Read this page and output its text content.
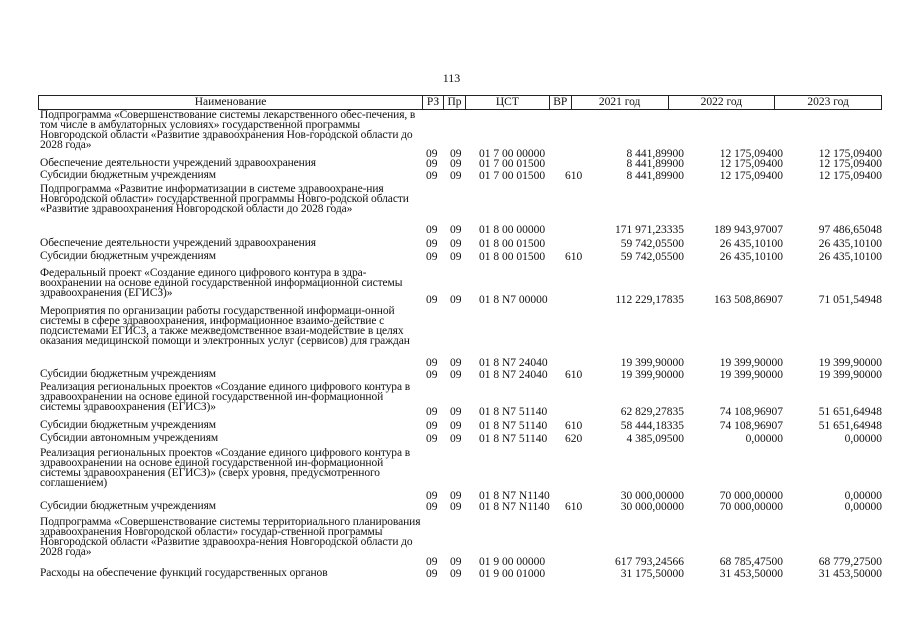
113
Наименование	РЗ Пр	ЦСТ	ВР	2021 год	2022 год	2023 год
Подпрограмма «Совершенствование системы лекарственного обес-печения, в том числе в амбулаторных условиях» государственной программы Новгородской области «Развитие здравоохранения Нов-городской области до 2028 года»
09 09 01 7 00 00000	8 441,89900	12 175,09400	12 175,09400
Обеспечение деятельности учреждений здравоохранения	09 09 01 7 00 01500	8 441,89900	12 175,09400	12 175,09400
Субсидии бюджетным учреждениям	09 09 01 7 00 01500 610	8 441,89900	12 175,09400	12 175,09400
Подпрограмма «Развитие информатизации в системе здравоохране-ния Новгородской области» государственной программы Новго-родской области «Развитие здравоохранения Новгородской области до 2028 года»
09 09 01 8 00 00000	171 971,23335	189 943,97007	97 486,65048
Обеспечение деятельности учреждений здравоохранения	09 09 01 8 00 01500	59 742,05500	26 435,10100	26 435,10100
Субсидии бюджетным учреждениям	09 09 01 8 00 01500 610	59 742,05500	26 435,10100	26 435,10100
Федеральный проект «Создание единого цифрового контура в здра-воохранении на основе единой государственной информационной системы здравоохранения (ЕГИСЗ)»
09 09 01 8 N7 00000	112 229,17835	163 508,86907	71 051,54948
Мероприятия по организации работы государственной информаци-онной системы в сфере здравоохранения, информационное взаимо-действие с подсистемами ЕГИСЗ, а также межведомственное взаи-модействие в целях оказания медицинской помощи и электронных услуг (сервисов) для граждан
09 09 01 8 N7 24040	19 399,90000	19 399,90000	19 399,90000
Субсидии бюджетным учреждениям	09 09 01 8 N7 24040 610	19 399,90000	19 399,90000	19 399,90000
Реализация региональных проектов «Создание единого цифрового контура в здравоохранении на основе единой государственной ин-формационной системы здравоохранения (ЕГИСЗ)»	09 09 01 8 N7 51140	62 829,27835	74 108,96907	51 651,64948
Субсидии бюджетным учреждениям	09 09 01 8 N7 51140 610	58 444,18335	74 108,96907	51 651,64948
Субсидии автономным учреждениям	09 09 01 8 N7 51140 620	4 385,09500	0,00000	0,00000
Реализация региональных проектов «Создание единого цифрового контура в здравоохранении на основе единой государственной ин-формационной системы здравоохранения (ЕГИСЗ)» (сверх уровня, предусмотренного соглашением)
09 09 01 8 N7 N1140	30 000,00000	70 000,00000	0,00000
Субсидии бюджетным учреждениям	09 09 01 8 N7 N1140 610	30 000,00000	70 000,00000	0,00000
Подпрограмма «Совершенствование системы территориального планирования здравоохранения Новгородской области» государ-ственной программы Новгородской области «Развитие здравоохра-нения Новгородской области до 2028 года»
09 09 01 9 00 00000	617 793,24566	68 785,47500	68 779,27500
Расходы на обеспечение функций государственных органов	09 09 01 9 00 01000	31 175,50000	31 453,50000	31 453,50000
